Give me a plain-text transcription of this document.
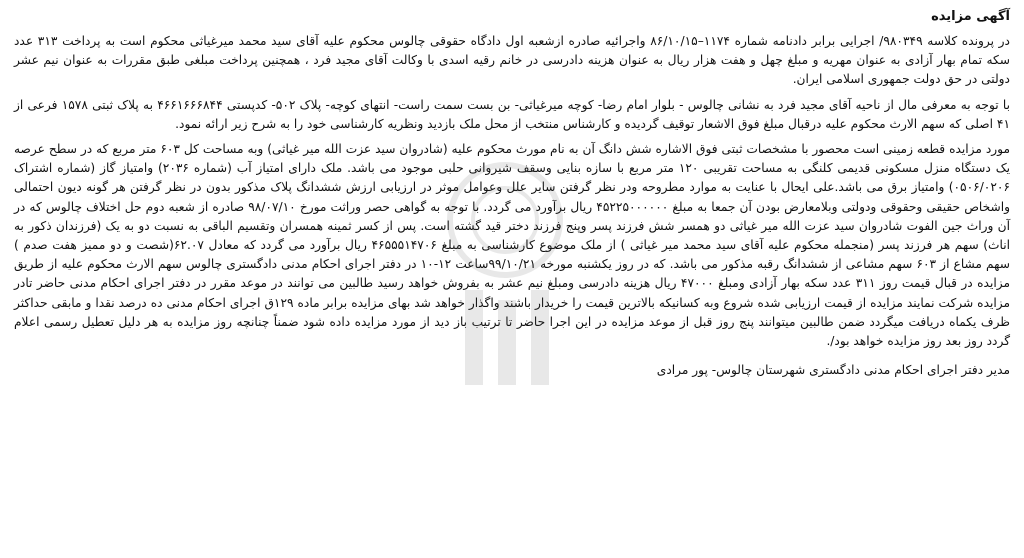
آگهی مزایده

در پرونده کلاسه ۹۸۰۳۴۹/ اجرایی برابر دادنامه شماره ۱۱۷۴–۸۶/۱۰/۱۵ واجرائیه صادره ازشعبه اول دادگاه حقوقی چالوس محکوم علیه آقای سید محمد میرغیاثی محکوم است به پرداخت ۳۱۳ عدد سکه تمام بهار آزادی به عنوان مهریه و مبلغ چهل و هفت هزار ریال به عنوان هزینه دادرسی در خانم رقیه اسدی با وکالت آقای مجید فرد ، همچنین پرداخت مبلغی طبق مقررات به عنوان نیم عشر دولتی در حق دولت جمهوری اسلامی ایران.

با توجه به معرفی مال از ناحیه آقای مجید فرد به نشانی چالوس - بلوار امام رضا- کوچه میرغیاثی- بن بست سمت راست- انتهای کوچه- پلاک ۵۰۲- کدپستی ۴۶۶۱۶۶۶۸۴۴ به پلاک ثبتی ۱۵۷۸ فرعی از ۴۱ اصلی که سهم الارث محکوم علیه درقبال مبلغ فوق الاشعار توقیف گردیده و کارشناس منتخب از محل ملک بازدید ونظریه کارشناسی خود را به شرح زیر ارائه نمود.

مورد مزایده قطعه زمینی است محصور با مشخصات ثبتی فوق الاشاره شش دانگ آن به نام مورث محکوم علیه (شادروان سید عزت الله میر غیاثی) وبه مساحت کل ۶۰۳ متر مربع که در سطح عرصه یک دستگاه منزل مسکونی قدیمی کلنگی به مساحت تقریبی ۱۲۰ متر مربع با سازه بنایی وسقف شیروانی حلبی موجود می باشد. ملک دارای امتیاز آب (شماره ۲۰۳۶) وامتیاز گاز (شماره اشتراک ۰۵۰۶/۰۲۰۶) وامتیاز برق می باشد.علی ایحال با عنایت به موارد مطروحه ودر نظر گرفتن سایر علل وعوامل موثر در ارزیابی ارزش ششدانگ پلاک مذکور بدون در نظر گرفتن هر گونه دیون احتمالی واشخاص حقیقی وحقوقی ودولتی وبلامعارض بودن آن جمعا به مبلغ ۴۵۲۲۵۰۰۰۰۰۰ ریال برآورد می گردد. با توجه به گواهی حصر وراثت مورخ ۹۸/۰۷/۱۰ صادره از شعبه دوم حل اختلاف چالوس که در آن وراث جین الفوت شادروان سید عزت الله میر غیاثی دو همسر شش فرزند پسر وپنج فرزند دختر قید گشته است. پس از کسر ثمینه همسران وتقسیم الباقی به نسبت دو به یک (فرزندان ذکور به اناث) سهم هر فرزند پسر (منجمله محکوم علیه آقای سید محمد میر غیاثی ) از ملک موضوع کارشناسی به مبلغ ۴۶۵۵۵۱۴۷۰۶ ریال برآورد می گردد که معادل ۶۲.۰۷(شصت و دو ممیز هفت صدم ) سهم مشاع از ۶۰۳ سهم مشاعی از ششدانگ رقبه مذکور می باشد. که در روز یکشنبه مورخه ۹۹/۱۰/۲۱ساعت ۱۲-۱۰ در دفتر اجرای احکام مدنی دادگستری چالوس سهم الارث محکوم علیه از طریق مزایده در قبال قیمت روز ۳۱۱ عدد سکه بهار آزادی ومبلغ ۴۷۰۰۰ ریال هزینه دادرسی ومبلغ نیم عشر به بفروش خواهد رسید طالبین می توانند در موعد مقرر در دفتر اجرای احکام مدنی حاضر تادر مزایده شرکت نمایند مزایده از قیمت ارزیابی شده شروع وبه کسانیکه بالاترین قیمت را خریدار باشند واگذار خواهد شد بهای مزایده برابر ماده ۱۲۹ق اجرای احکام مدنی ده درصد نقدا و مابقی حداکثر ظرف یکماه دریافت میگردد ضمن طالبین میتوانند پنج روز قبل از موعد مزایده در این اجرا حاضر تا ترتیب باز دید از مورد مزایده داده شود ضمناً چنانچه روز مزایده به هر دلیل تعطیل رسمی اعلام گردد روز بعد روز مزایده خواهد بود/.

مدیر دفتر اجرای احکام مدنی دادگستری شهرستان چالوس- پور مرادی
